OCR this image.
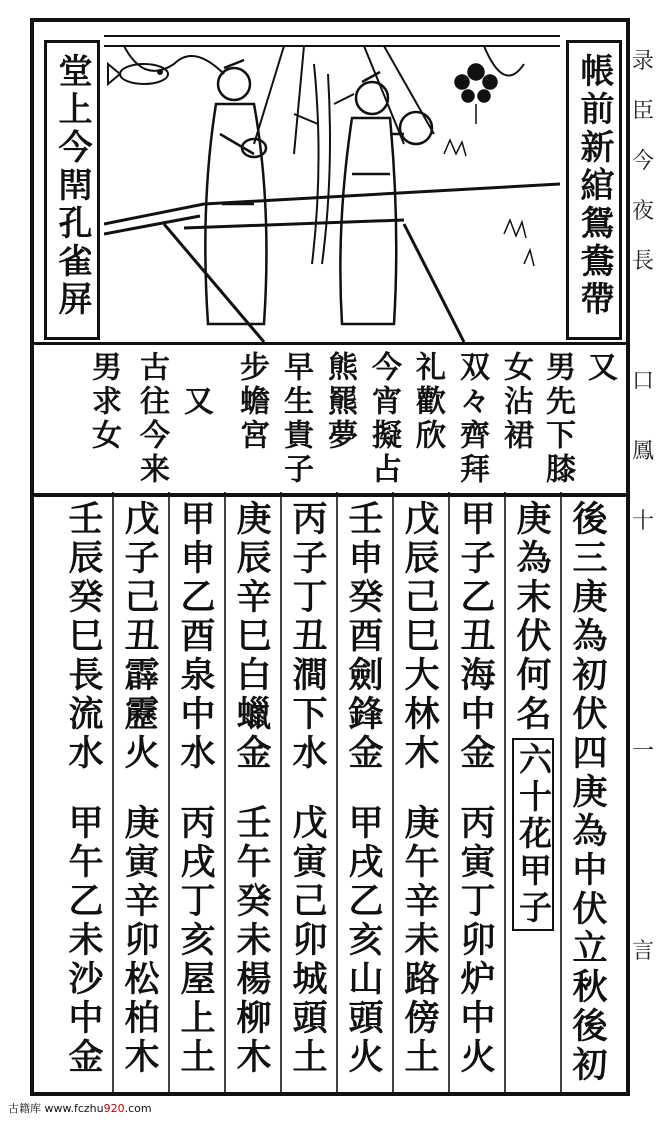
录
臣
今
夜
長
口
鳳
十
一
言
堂上今閈孔雀屏	帳前新綰鴛鴦帶
又
男先下膝
女沾裙
双々齊拜
礼歡欣
今宵擬占
熊羆夢
早生貴子
步蟾宮
又
古往今来
男求女
後三庚為初伏四庚為中伏立秋後初
庚為末伏何名
六十花甲子
甲子乙丑海中金
丙寅丁卯炉中火
戊辰己巳大林木
庚午辛未路傍土
壬申癸酉劍鋒金
甲戌乙亥山頭火
丙子丁丑澗下水
戊寅己卯城頭土
庚辰辛巳白蠟金
壬午癸未楊柳木
甲申乙酉泉中水
丙戌丁亥屋上土
戊子己丑霹靂火
庚寅辛卯松柏木
壬辰癸巳長流水
甲午乙未沙中金
古籍库 www.fczhu920.com
